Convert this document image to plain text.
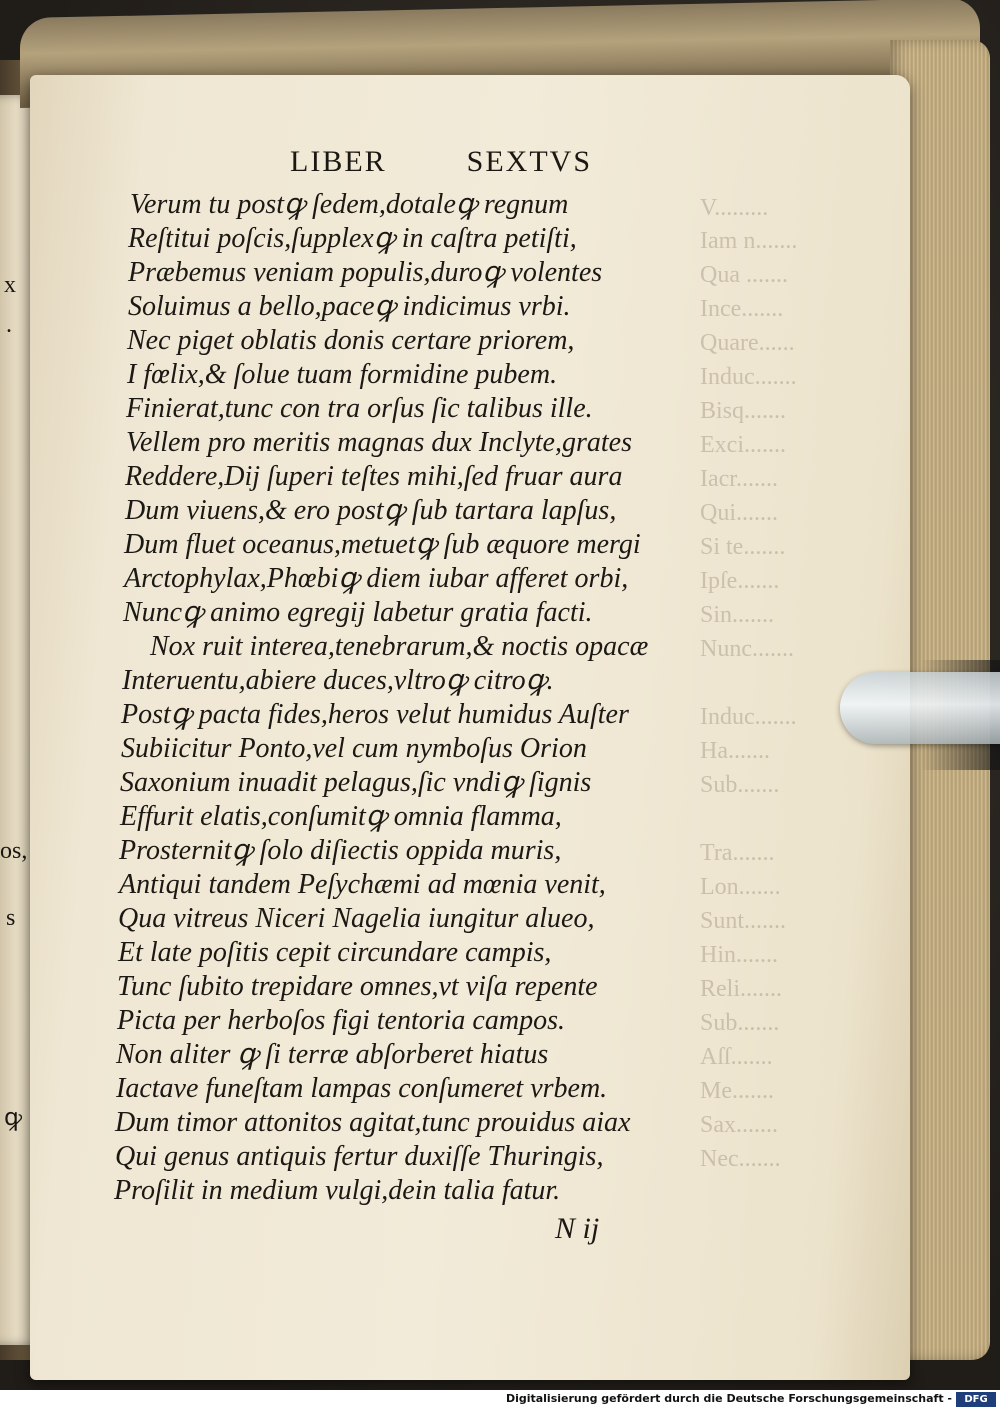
x
.
os,
s
ꝙ
V.........
Iam n.......
Qua .......
Ince.......
Quare......
Induc.......
Bisq.......
Exci.......
Iacr.......
Qui.......
Si te.......
Ipſe.......
Sin.......
Nunc.......
Induc.......
Ha.......
Sub.......
Tra.......
Lon.......
Sunt.......
Hin.......
Reli.......
Sub.......
Aſſ.......
Me.......
Sax.......
Nec.......
LIBER	SEXTVS
Verum tu postꝙ ſedem,dotaleꝙ regnum
Reſtitui poſcis,ſupplexꝙ in caſtra petiſti,
Præbemus veniam populis,duroꝙ volentes
Soluimus a bello,paceꝙ indicimus vrbi.
Nec piget oblatis donis certare priorem,
I fœlix,& ſolue tuam formidine pubem.
Finierat,tunc con tra orſus ſic talibus ille.
Vellem pro meritis magnas dux Inclyte,grates
Reddere,Dij ſuperi teſtes mihi,ſed fruar aura
Dum viuens,& ero postꝙ ſub tartara lapſus,
Dum fluet oceanus,metuetꝙ ſub æquore mergi
Arctophylax,Phœbiꝙ diem iubar afferet orbi,
Nuncꝙ animo egregij labetur gratia facti.
Nox ruit interea,tenebrarum,& noctis opacæ
Interuentu,abiere duces,vltroꝙ citroꝙ.
Postꝙ pacta fides,heros velut humidus Auſter
Subiicitur Ponto,vel cum nymboſus Orion
Saxonium inuadit pelagus,ſic vndiꝙ ſignis
Effurit elatis,conſumitꝙ omnia flamma,
Prosternitꝙ ſolo diſiectis oppida muris,
Antiqui tandem Peſychæmi ad mœnia venit,
Qua vitreus Niceri Nagelia iungitur alueo,
Et late poſitis cepit circundare campis,
Tunc ſubito trepidare omnes,vt viſa repente
Picta per herboſos figi tentoria campos.
Non aliter ꝙ ſi terræ abſorberet hiatus
Iactave funeſtam lampas conſumeret vrbem.
Dum timor attonitos agitat,tunc prouidus aiax
Qui genus antiquis fertur duxiſſe Thuringis,
Proſilit in medium vulgi,dein talia fatur.
N ij
Digitalisierung gefördert durch die Deutsche Forschungsgemeinschaft -	DFG
